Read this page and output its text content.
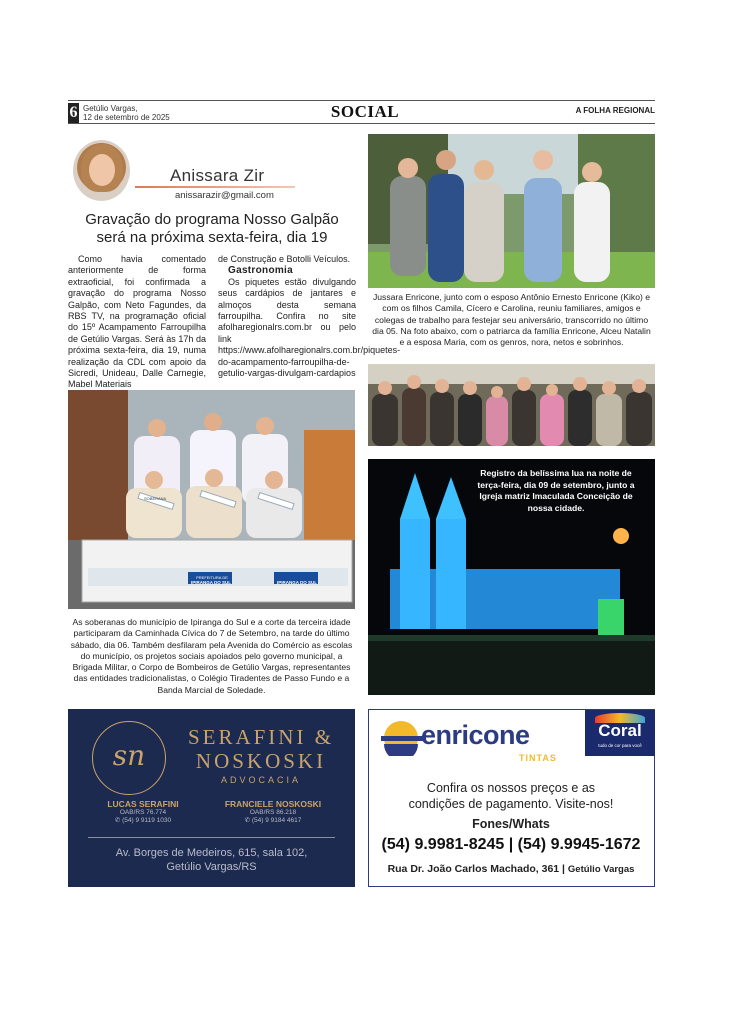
6 Getúlio Vargas,
12 de setembro de 2025	SOCIAL	A FOLHA REGIONAL
Anissara Zir
anissarazir@gmail.com
Gravação do programa Nosso Galpão
será na próxima sexta-feira, dia 19

Como havia comentado anteriormente de forma extraoficial, foi confirmada a gravação do programa Nosso Galpão, com Neto Fagundes, da RBS TV, na programação oficial do 15º Acampamento Farroupilha de Getúlio Vargas. Será às 17h da próxima sexta-feira, dia 19, numa realização da CDL com apoio da Sicredi, Unideau, Dalle Carnegie, Mabel Materiais

de Construção e Botolli Veículos.
Gastronomia

Os piquetes estão divulgando seus cardápios de jantares e almoços desta semana farroupilha. Confira no site afolharegionalrs.com.br ou pelo link https://www.afolharegionalrs.com.br/piquetes-do-acampamento-farroupilha-de-getulio-vargas-divulgam-cardapios

Jussara Enricone, junto com o esposo Antônio Ernesto Enricone (Kiko) e com os filhos Camila, Cícero e Carolina, reuniu familiares, amigos e colegas de trabalho para festejar seu aniversário, transcorrido no último dia 05. Na foto abaixo, com o patriarca da família Enricone, Alceu Natalin e a esposa Maria, com os genros, nora, netos e sobrinhos.
PREFEITURA DE
IPIRANGA DO SUL	IPIRANGA DO SUL
SOBERANA
As soberanas do município de Ipiranga do Sul e a corte da terceira idade participaram da Caminhada Cívica do 7 de Setembro, na tarde do último sábado, dia 06. Também desfilaram pela Avenida do Comércio as escolas do município, os projetos sociais apoiados pelo governo municipal, a Brigada Militar, o Corpo de Bombeiros de Getúlio Vargas, representantes das entidades tradicionalistas, o Colégio Tiradentes de Passo Fundo e a Banda Marcial de Soledade.
Registro da belíssima lua na noite de terça-feira, dia 09 de setembro, junto a Igreja matriz Imaculada Conceição de nossa cidade.
sn
SERAFINI &
NOSKOSKI
ADVOCACIA
LUCAS SERAFINI
OAB/RS 76.774
✆ (54) 9 9119 1030
FRANCIELE NOSKOSKI
OAB/RS 86.218
✆ (54) 9 9184 4617
Av. Borges de Medeiros, 615, sala 102,
Getúlio Vargas/RS
enricone
TINTAS
Coral
tudo de cor para você
Confira os nossos preços e as
condições de pagamento. Visite-nos!
Fones/Whats
(54) 9.9981-8245 | (54) 9.9945-1672
Rua Dr. João Carlos Machado, 361 | Getúlio Vargas
